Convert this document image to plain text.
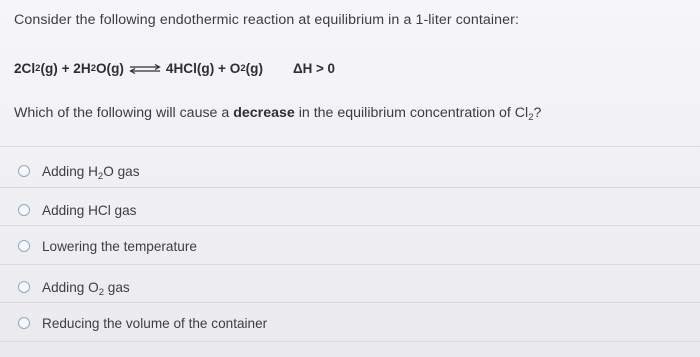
Consider the following endothermic reaction at equilibrium in a 1-liter container:
2Cl 2 (g) + 2H 2 O(g) ⇌ 4HCl(g) + O 2 (g) ΔH > 0
Which of the following will cause a decrease in the equilibrium concentration of $Cl_2$?
Adding $H_2O$ gas
Adding HCl gas
Lowering the temperature
Adding $O_2$ gas
Reducing the volume of the container
